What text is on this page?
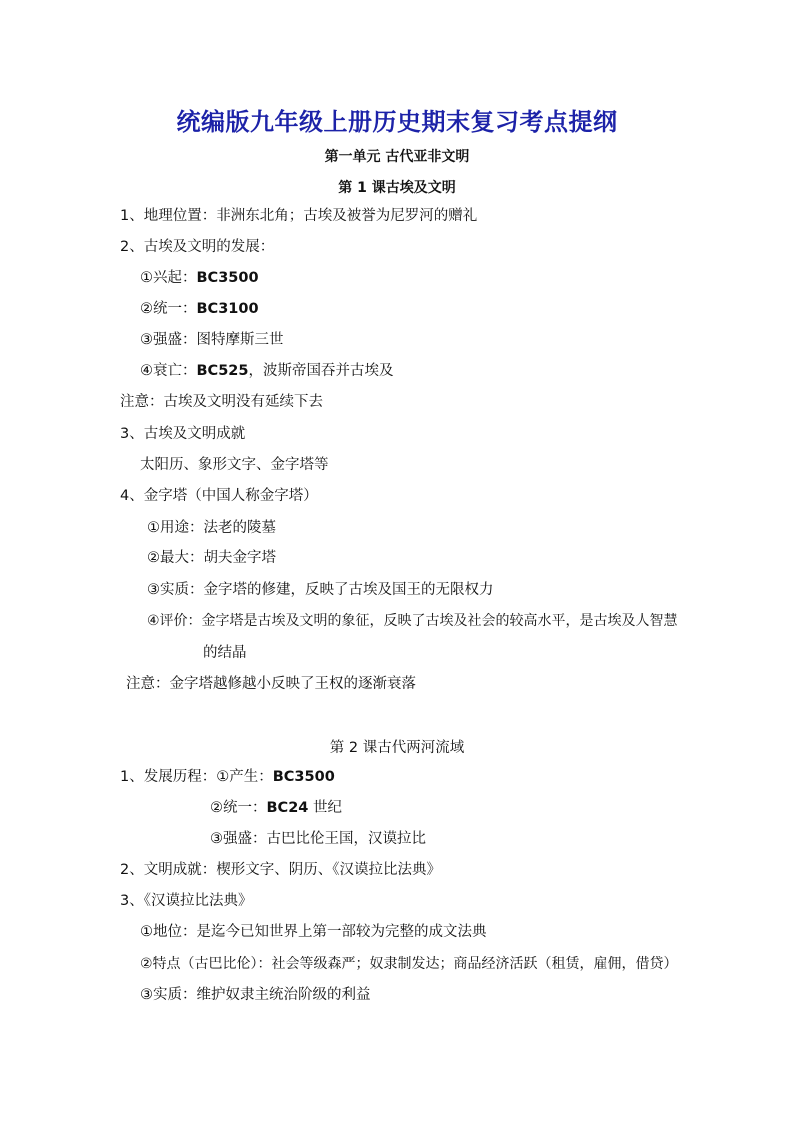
统编版九年级上册历史期末复习考点提纲
第一单元 古代亚非文明
第 1 课古埃及文明
1、地理位置：非洲东北角；古埃及被誉为尼罗河的赠礼
2、古埃及文明的发展：
①兴起：BC3500
②统一：BC3100
③强盛：图特摩斯三世
④衰亡：BC525，波斯帝国吞并古埃及
注意：古埃及文明没有延续下去
3、古埃及文明成就
太阳历、象形文字、金字塔等
4、金字塔（中国人称金字塔）
①用途：法老的陵墓
②最大：胡夫金字塔
③实质：金字塔的修建，反映了古埃及国王的无限权力
④评价：金字塔是古埃及文明的象征，反映了古埃及社会的较高水平，是古埃及人智慧
的结晶
注意：金字塔越修越小反映了王权的逐渐衰落
第 2 课古代两河流域
1、发展历程：①产生：BC3500
②统一：BC24 世纪
③强盛：古巴比伦王国，汉谟拉比
2、文明成就：楔形文字、阴历、《汉谟拉比法典》
3、《汉谟拉比法典》
①地位：是迄今已知世界上第一部较为完整的成文法典
②特点（古巴比伦）：社会等级森严；奴隶制发达；商品经济活跃（租赁，雇佣，借贷）
③实质：维护奴隶主统治阶级的利益
